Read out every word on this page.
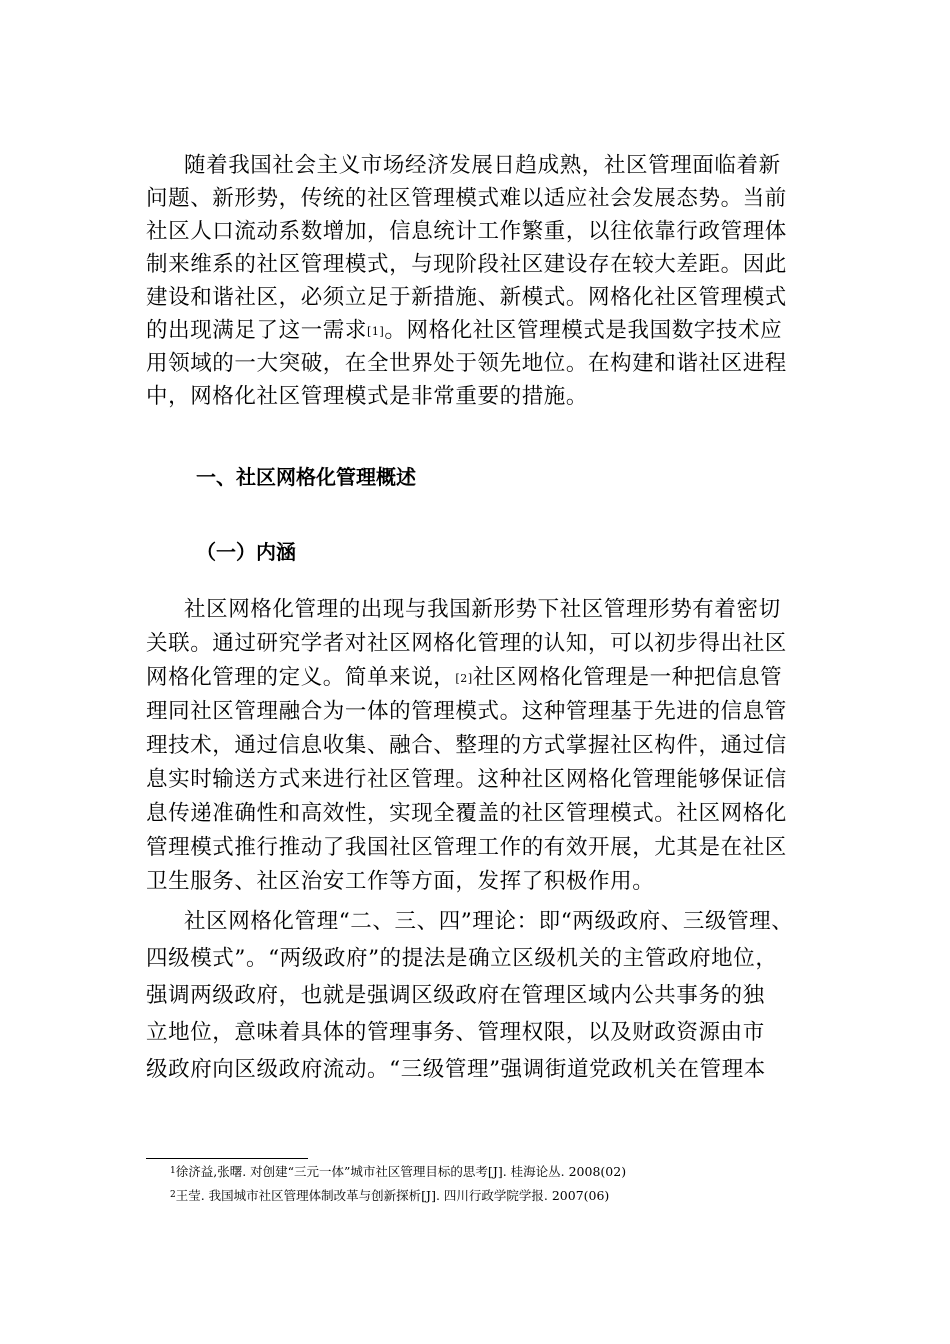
随着我国社会主义市场经济发展日趋成熟，社区管理面临着新
问题、新形势，传统的社区管理模式难以适应社会发展态势。当前
社区人口流动系数增加，信息统计工作繁重，以往依靠行政管理体
制来维系的社区管理模式，与现阶段社区建设存在较大差距。因此
建设和谐社区，必须立足于新措施、新模式。网格化社区管理模式
的出现满足了这一需求[1]。网格化社区管理模式是我国数字技术应
用领域的一大突破，在全世界处于领先地位。在构建和谐社区进程
中，网格化社区管理模式是非常重要的措施。
一、社区网格化管理概述
（一）内涵
社区网格化管理的出现与我国新形势下社区管理形势有着密切
关联。通过研究学者对社区网格化管理的认知，可以初步得出社区
网格化管理的定义。简单来说，[2]社区网格化管理是一种把信息管
理同社区管理融合为一体的管理模式。这种管理基于先进的信息管
理技术，通过信息收集、融合、整理的方式掌握社区构件，通过信
息实时输送方式来进行社区管理。这种社区网格化管理能够保证信
息传递准确性和高效性，实现全覆盖的社区管理模式。社区网格化
管理模式推行推动了我国社区管理工作的有效开展，尤其是在社区
卫生服务、社区治安工作等方面，发挥了积极作用。
社区网格化管理“二、三、四”理论：即“两级政府、三级管理、
四级模式”。“两级政府”的提法是确立区级机关的主管政府地位，
强调两级政府，也就是强调区级政府在管理区域内公共事务的独
立地位，意味着具体的管理事务、管理权限，以及财政资源由市
级政府向区级政府流动。“三级管理”强调街道党政机关在管理本
$^1$徐济益,张曙. 对创建“三元一体”城市社区管理目标的思考[J]. 桂海论丛. 2008(02)
$^2$王莹. 我国城市社区管理体制改革与创新探析[J]. 四川行政学院学报. 2007(06)
